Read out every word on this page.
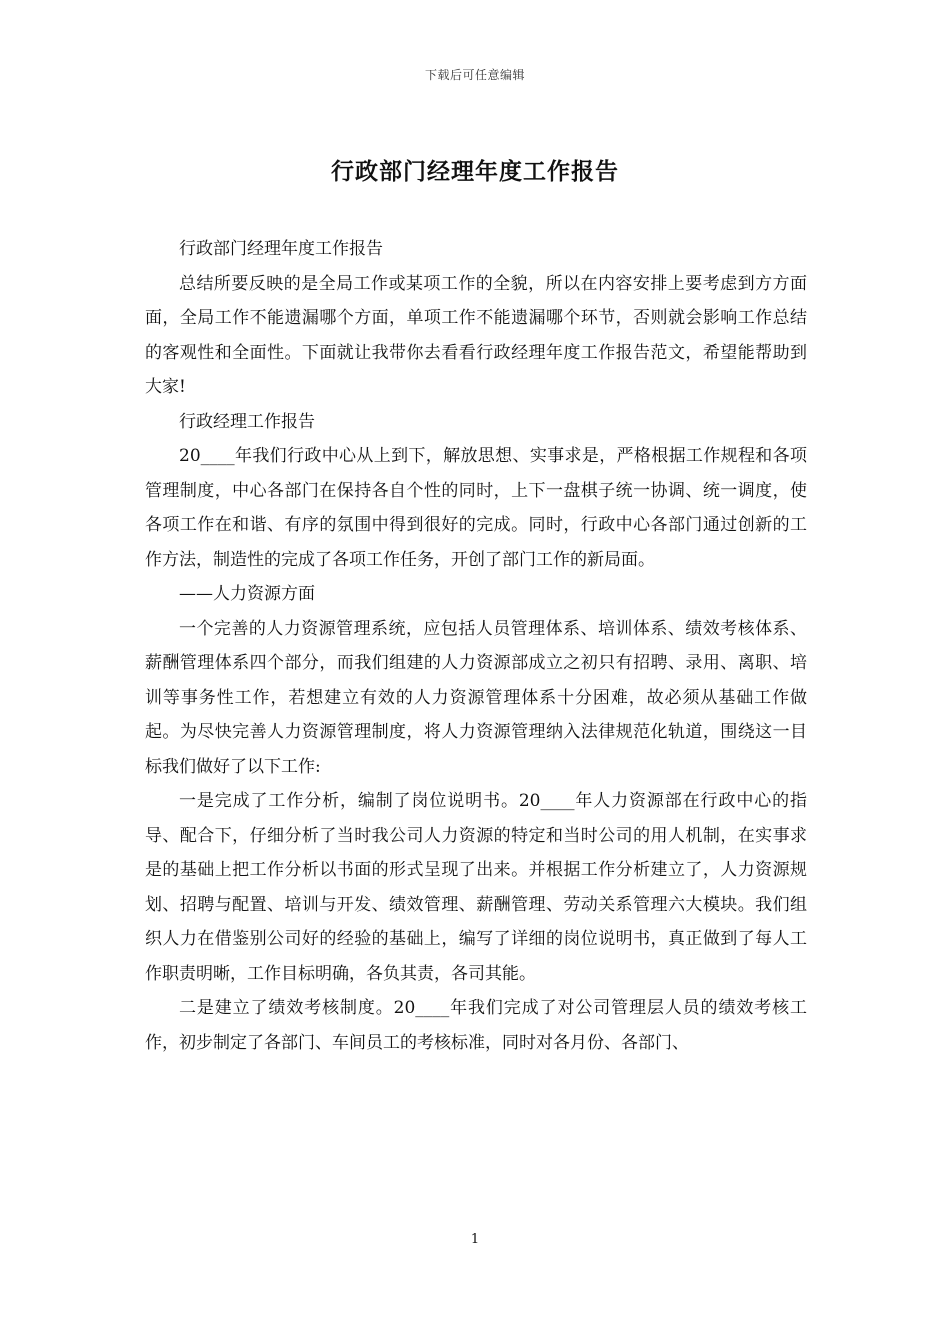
下载后可任意编辑
行政部门经理年度工作报告

行政部门经理年度工作报告

总结所要反映的是全局工作或某项工作的全貌，所以在内容安排上要考虑到方方面面，全局工作不能遗漏哪个方面，单项工作不能遗漏哪个环节，否则就会影响工作总结的客观性和全面性。下面就让我带你去看看行政经理年度工作报告范文，希望能帮助到大家!

行政经理工作报告

20____年我们行政中心从上到下，解放思想、实事求是，严格根据工作规程和各项管理制度，中心各部门在保持各自个性的同时，上下一盘棋子统一协调、统一调度，使各项工作在和谐、有序的氛围中得到很好的完成。同时，行政中心各部门通过创新的工作方法，制造性的完成了各项工作任务，开创了部门工作的新局面。

——人力资源方面

一个完善的人力资源管理系统，应包括人员管理体系、培训体系、绩效考核体系、薪酬管理体系四个部分，而我们组建的人力资源部成立之初只有招聘、录用、离职、培训等事务性工作，若想建立有效的人力资源管理体系十分困难，故必须从基础工作做起。为尽快完善人力资源管理制度，将人力资源管理纳入法律规范化轨道，围绕这一目标我们做好了以下工作:

一是完成了工作分析，编制了岗位说明书。20____年人力资源部在行政中心的指导、配合下，仔细分析了当时我公司人力资源的特定和当时公司的用人机制，在实事求是的基础上把工作分析以书面的形式呈现了出来。并根据工作分析建立了，人力资源规划、招聘与配置、培训与开发、绩效管理、薪酬管理、劳动关系管理六大模块。我们组织人力在借鉴别公司好的经验的基础上，编写了详细的岗位说明书，真正做到了每人工作职责明晰，工作目标明确，各负其责，各司其能。

二是建立了绩效考核制度。20____年我们完成了对公司管理层人员的绩效考核工作，初步制定了各部门、车间员工的考核标准，同时对各月份、各部门、

1
